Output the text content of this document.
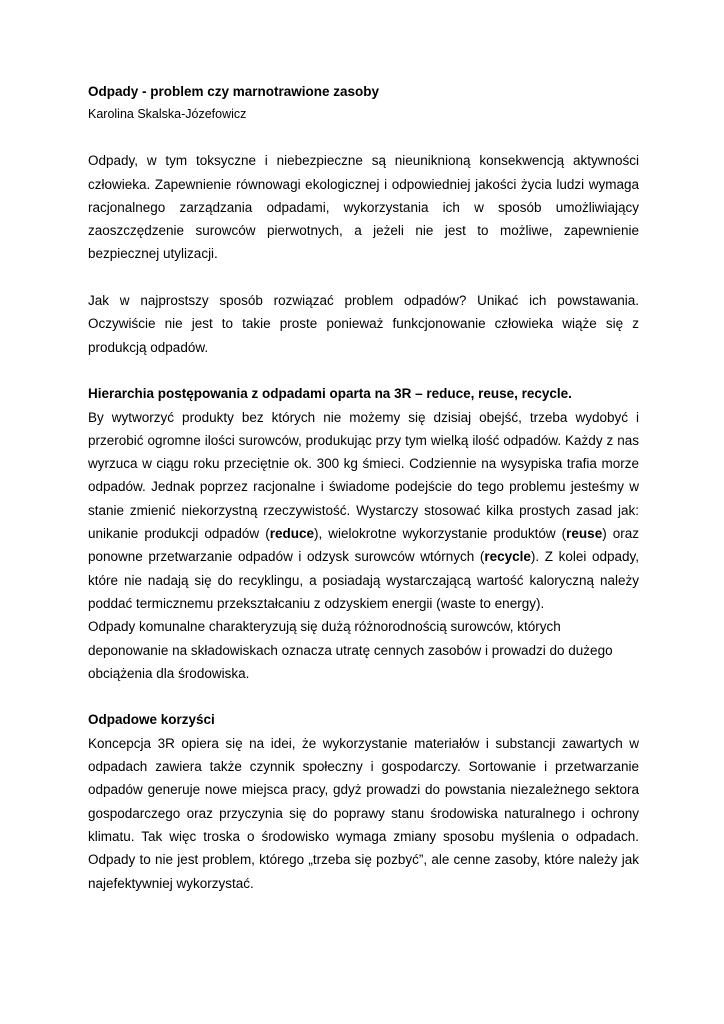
Odpady - problem czy marnotrawione zasoby

Karolina Skalska-Józefowicz

Odpady, w tym toksyczne i niebezpieczne są nieuniknioną konsekwencją aktywności człowieka. Zapewnienie równowagi ekologicznej i odpowiedniej jakości życia ludzi wymaga racjonalnego zarządzania odpadami, wykorzystania ich w sposób umożliwiający zaoszczędzenie surowców pierwotnych, a jeżeli nie jest to możliwe, zapewnienie bezpiecznej utylizacji.

Jak w najprostszy sposób rozwiązać problem odpadów? Unikać ich powstawania. Oczywiście nie jest to takie proste ponieważ funkcjonowanie człowieka wiąże się z produkcją odpadów.

Hierarchia postępowania z odpadami oparta na 3R – reduce, reuse, recycle.

By wytworzyć produkty bez których nie możemy się dzisiaj obejść, trzeba wydobyć i przerobić ogromne ilości surowców, produkując przy tym wielką ilość odpadów. Każdy z nas wyrzuca w ciągu roku przeciętnie ok. 300 kg śmieci. Codziennie na wysypiska trafia morze odpadów. Jednak poprzez racjonalne i świadome podejście do tego problemu jesteśmy w stanie zmienić niekorzystną rzeczywistość. Wystarczy stosować kilka prostych zasad jak: unikanie produkcji odpadów (reduce), wielokrotne wykorzystanie produktów (reuse) oraz ponowne przetwarzanie odpadów i odzysk surowców wtórnych (recycle). Z kolei odpady, które nie nadają się do recyklingu, a posiadają wystarczającą wartość kaloryczną należy poddać termicznemu przekształcaniu z odzyskiem energii (waste to energy).

Odpady komunalne charakteryzują się dużą różnorodnością surowców, których deponowanie na składowiskach oznacza utratę cennych zasobów i prowadzi do dużego obciążenia dla środowiska.

Odpadowe korzyści

Koncepcja 3R opiera się na idei, że wykorzystanie materiałów i substancji zawartych w odpadach zawiera także czynnik społeczny i gospodarczy. Sortowanie i przetwarzanie odpadów generuje nowe miejsca pracy, gdyż prowadzi do powstania niezależnego sektora gospodarczego oraz przyczynia się do poprawy stanu środowiska naturalnego i ochrony klimatu. Tak więc troska o środowisko wymaga zmiany sposobu myślenia o odpadach. Odpady to nie jest problem, którego „trzeba się pozbyć”, ale cenne zasoby, które należy jak najefektywniej wykorzystać.
